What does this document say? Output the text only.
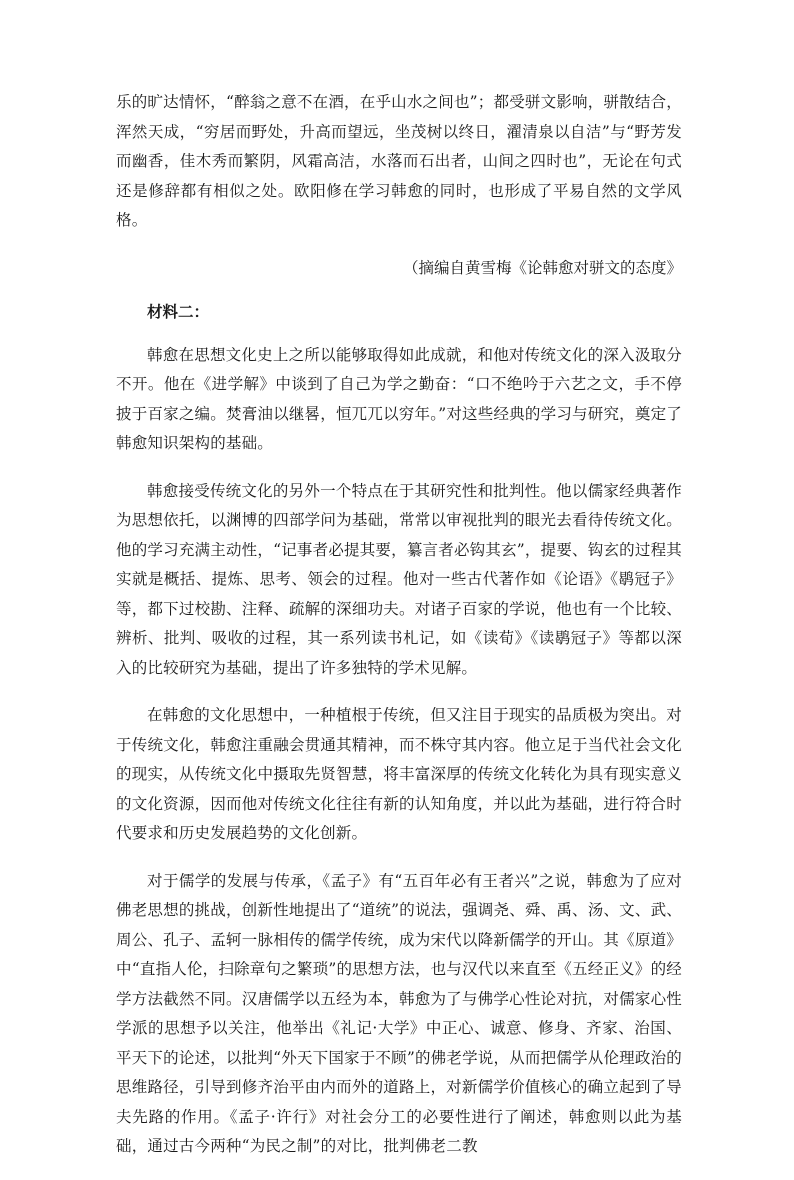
乐的旷达情怀，“醉翁之意不在酒，在乎山水之间也”；都受骈文影响，骈散结合，浑然天成，“穷居而野处，升高而望远，坐茂树以终日，濯清泉以自洁”与“野芳发而幽香，佳木秀而繁阴，风霜高洁，水落而石出者，山间之四时也”，无论在句式还是修辞都有相似之处。欧阳修在学习韩愈的同时，也形成了平易自然的文学风格。

（摘编自黄雪梅《论韩愈对骈文的态度》
材料二：

韩愈在思想文化史上之所以能够取得如此成就，和他对传统文化的深入汲取分不开。他在《进学解》中谈到了自己为学之勤奋：“口不绝吟于六艺之文，手不停披于百家之编。焚膏油以继晷，恒兀兀以穷年。”对这些经典的学习与研究，奠定了韩愈知识架构的基础。

韩愈接受传统文化的另外一个特点在于其研究性和批判性。他以儒家经典著作为思想依托，以渊博的四部学问为基础，常常以审视批判的眼光去看待传统文化。他的学习充满主动性，“记事者必提其要，纂言者必钩其玄”，提要、钩玄的过程其实就是概括、提炼、思考、领会的过程。他对一些古代著作如《论语》《鹖冠子》等，都下过校勘、注释、疏解的深细功夫。对诸子百家的学说，他也有一个比较、辨析、批判、吸收的过程，其一系列读书札记，如《读荀》《读鹖冠子》等都以深入的比较研究为基础，提出了许多独特的学术见解。

在韩愈的文化思想中，一种植根于传统，但又注目于现实的品质极为突出。对于传统文化，韩愈注重融会贯通其精神，而不株守其内容。他立足于当代社会文化的现实，从传统文化中摄取先贤智慧，将丰富深厚的传统文化转化为具有现实意义的文化资源，因而他对传统文化往往有新的认知角度，并以此为基础，进行符合时代要求和历史发展趋势的文化创新。

对于儒学的发展与传承，《孟子》有“五百年必有王者兴”之说，韩愈为了应对佛老思想的挑战，创新性地提出了“道统”的说法，强调尧、舜、禹、汤、文、武、周公、孔子、孟轲一脉相传的儒学传统，成为宋代以降新儒学的开山。其《原道》中“直指人伦，扫除章句之繁琐”的思想方法，也与汉代以来直至《五经正义》的经学方法截然不同。汉唐儒学以五经为本，韩愈为了与佛学心性论对抗，对儒家心性学派的思想予以关注，他举出《礼记·大学》中正心、诚意、修身、齐家、治国、平天下的论述，以批判“外天下国家于不顾”的佛老学说，从而把儒学从伦理政治的思维路径，引导到修齐治平由内而外的道路上，对新儒学价值核心的确立起到了导夫先路的作用。《孟子·许行》对社会分工的必要性进行了阐述，韩愈则以此为基础，通过古今两种“为民之制”的对比，批判佛老二教
